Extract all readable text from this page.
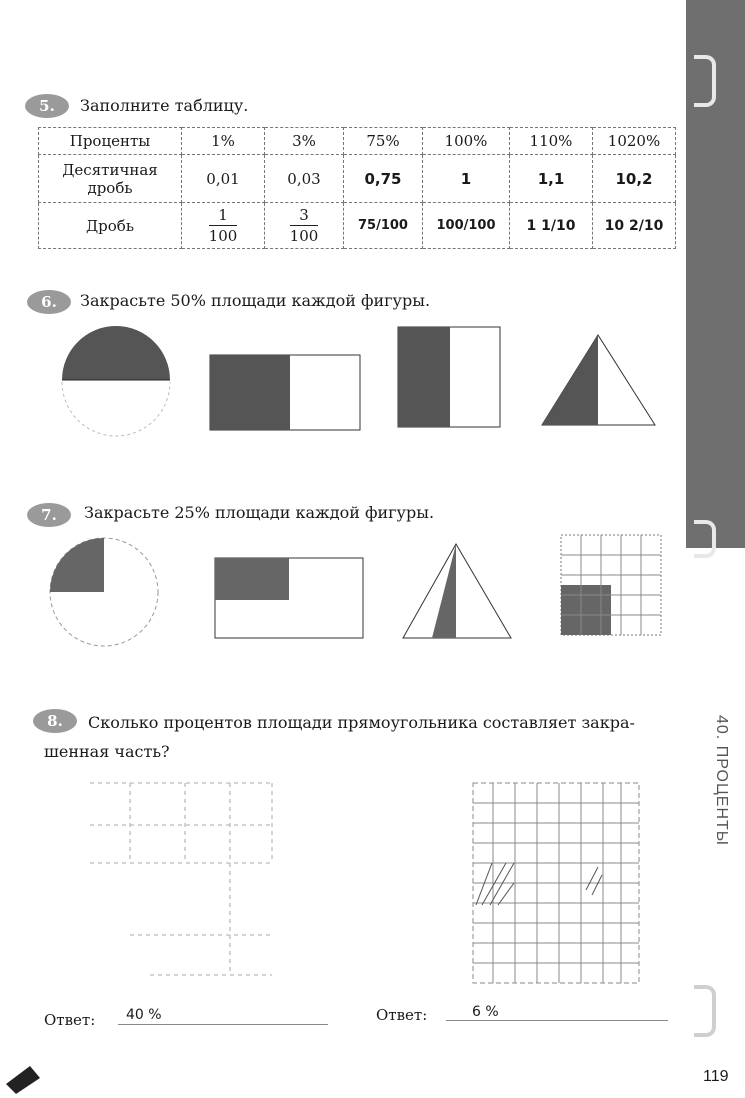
5.	Заполните таблицу.
Проценты	1%	3%	75%	100%	110%	1020%
Десятичная
дробь	0,01	0,03	0,75	1	1,1	10,2
Дробь	$\frac{1}{100}$	$\frac{3}{100}$	75/100	100/100	1 1/10	10 2/10
6.	Закрасьте 50% площади каждой фигуры.
7.	Закрасьте 25% площади каждой фигуры.
8.	Сколько процентов площади прямоугольника составляет закра-
шенная часть?
Ответ: 40 %	Ответ:	6 %
40. ПРОЦЕНТЫ
119
